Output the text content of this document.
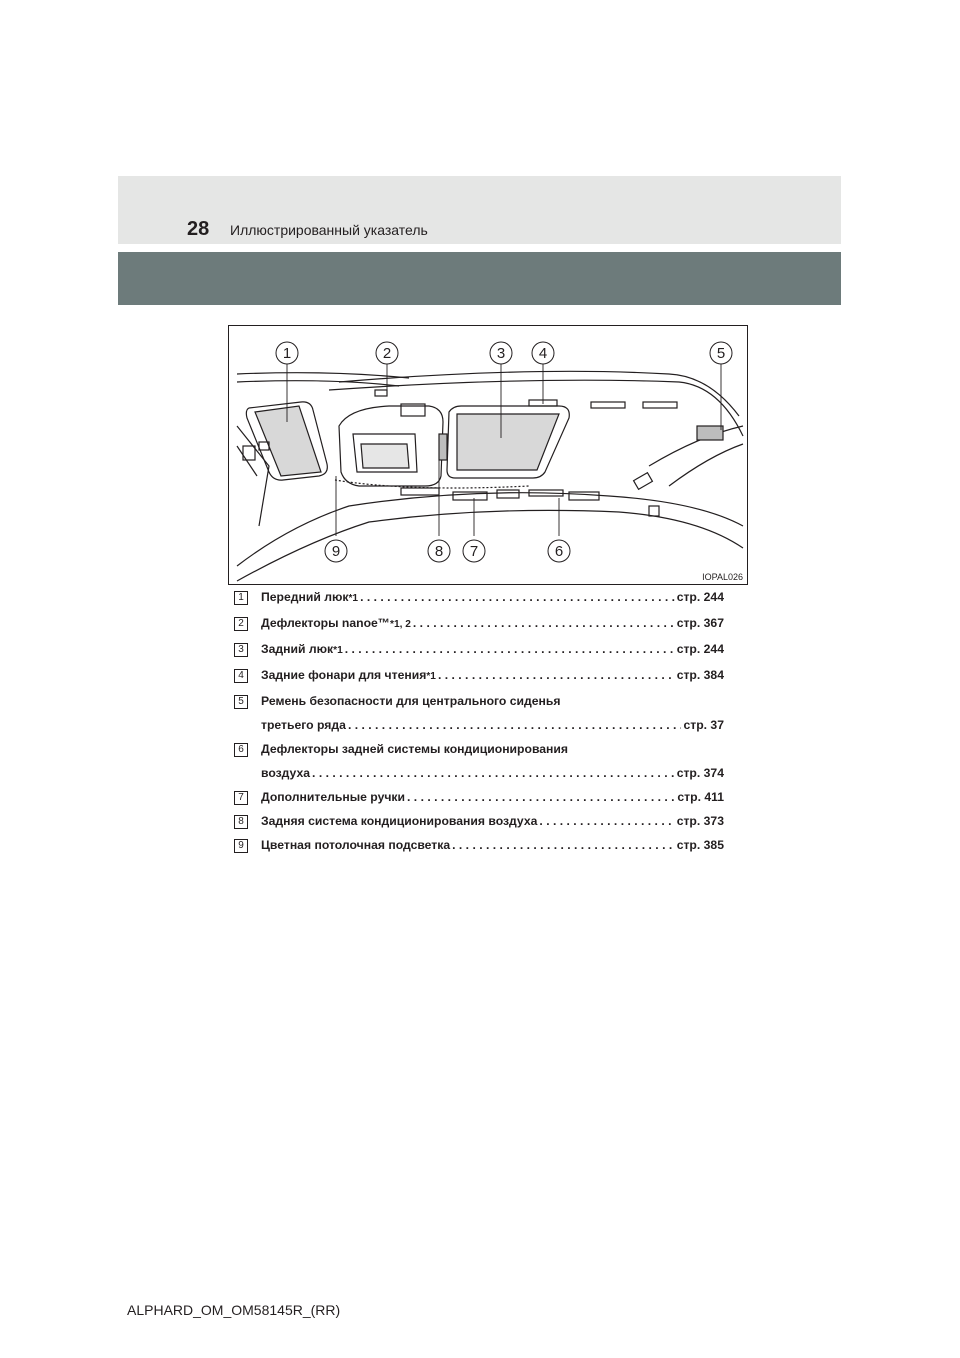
28 Иллюстрированный указатель
1	2	3 4	5
9	8 7	6
IOPAL026
1	Передний люк *1 . . .	стр. 244
2	Дефлекторы nanoe™ *1, 2 . . .	стр. 367
3	Задний люк *1 . . .	стр. 244
4	Задние фонари для чтения *1 . . .	стр. 384
5	Ремень безопасности для центрального сиденья
третьего ряда . . .	стр. 37
6	Дефлекторы задней системы кондиционирования
воздуха . . .	стр. 374
7	Дополнительные ручки . . .	стр. 411
8	Задняя система кондиционирования воздуха . . .	стр. 373
9	Цветная потолочная подсветка . . .	стр. 385
ALPHARD_OM_OM58145R_(RR)
